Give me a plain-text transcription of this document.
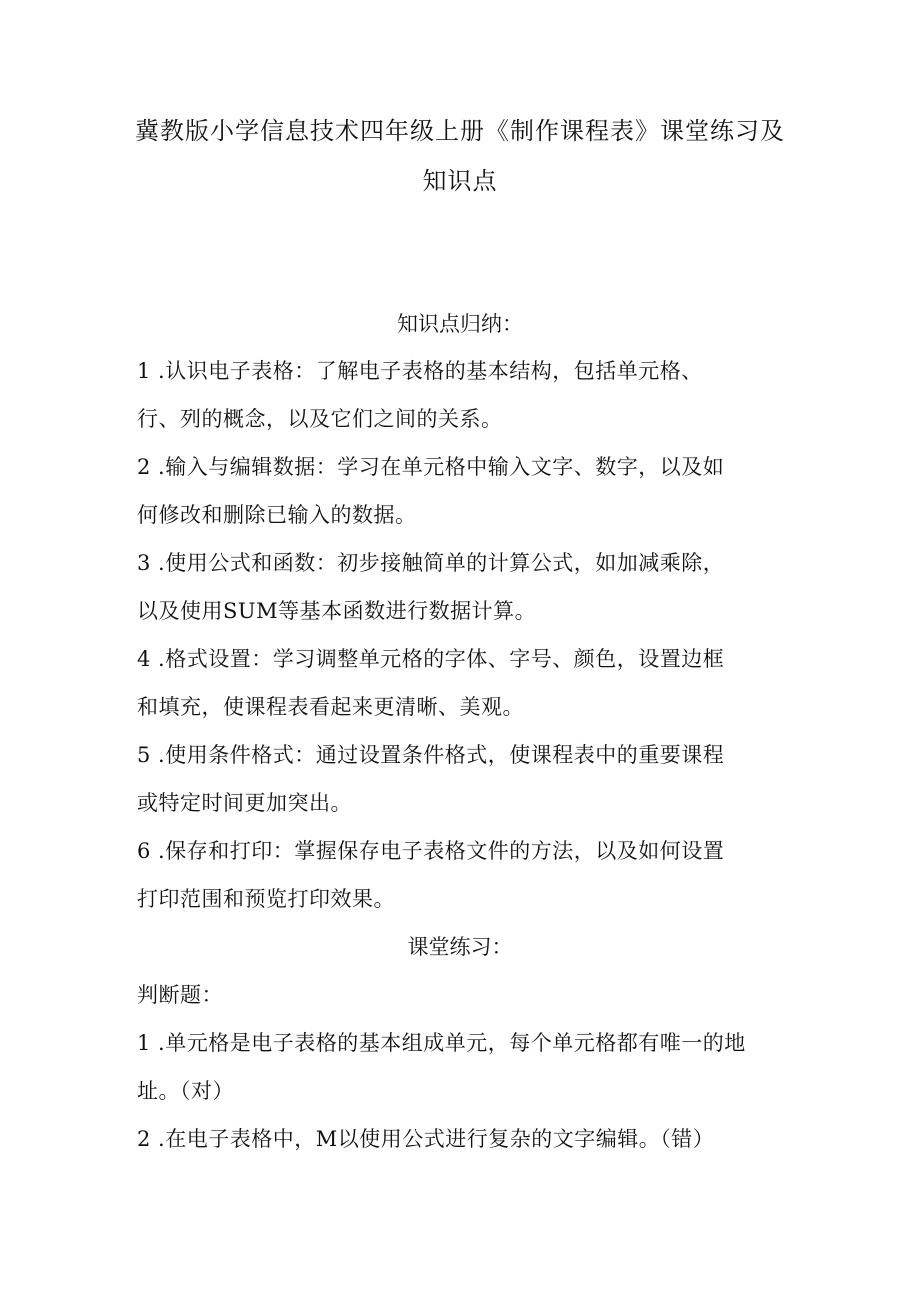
冀教版小学信息技术四年级上册《制作课程表》课堂练习及
知识点
知识点归纳：
1 .认识电子表格：了解电子表格的基本结构，包括单元格、
行、列的概念，以及它们之间的关系。
2 .输入与编辑数据：学习在单元格中输入文字、数字，以及如
何修改和删除已输入的数据。
3 .使用公式和函数：初步接触简单的计算公式，如加减乘除，
以及使用SUM等基本函数进行数据计算。
4 .格式设置：学习调整单元格的字体、字号、颜色，设置边框
和填充，使课程表看起来更清晰、美观。
5 .使用条件格式：通过设置条件格式，使课程表中的重要课程
或特定时间更加突出。
6 .保存和打印：掌握保存电子表格文件的方法，以及如何设置
打印范围和预览打印效果。
课堂练习：
判断题：
1 .单元格是电子表格的基本组成单元，每个单元格都有唯一的地
址。（对）
2 .在电子表格中，M以使用公式进行复杂的文字编辑。（错）
